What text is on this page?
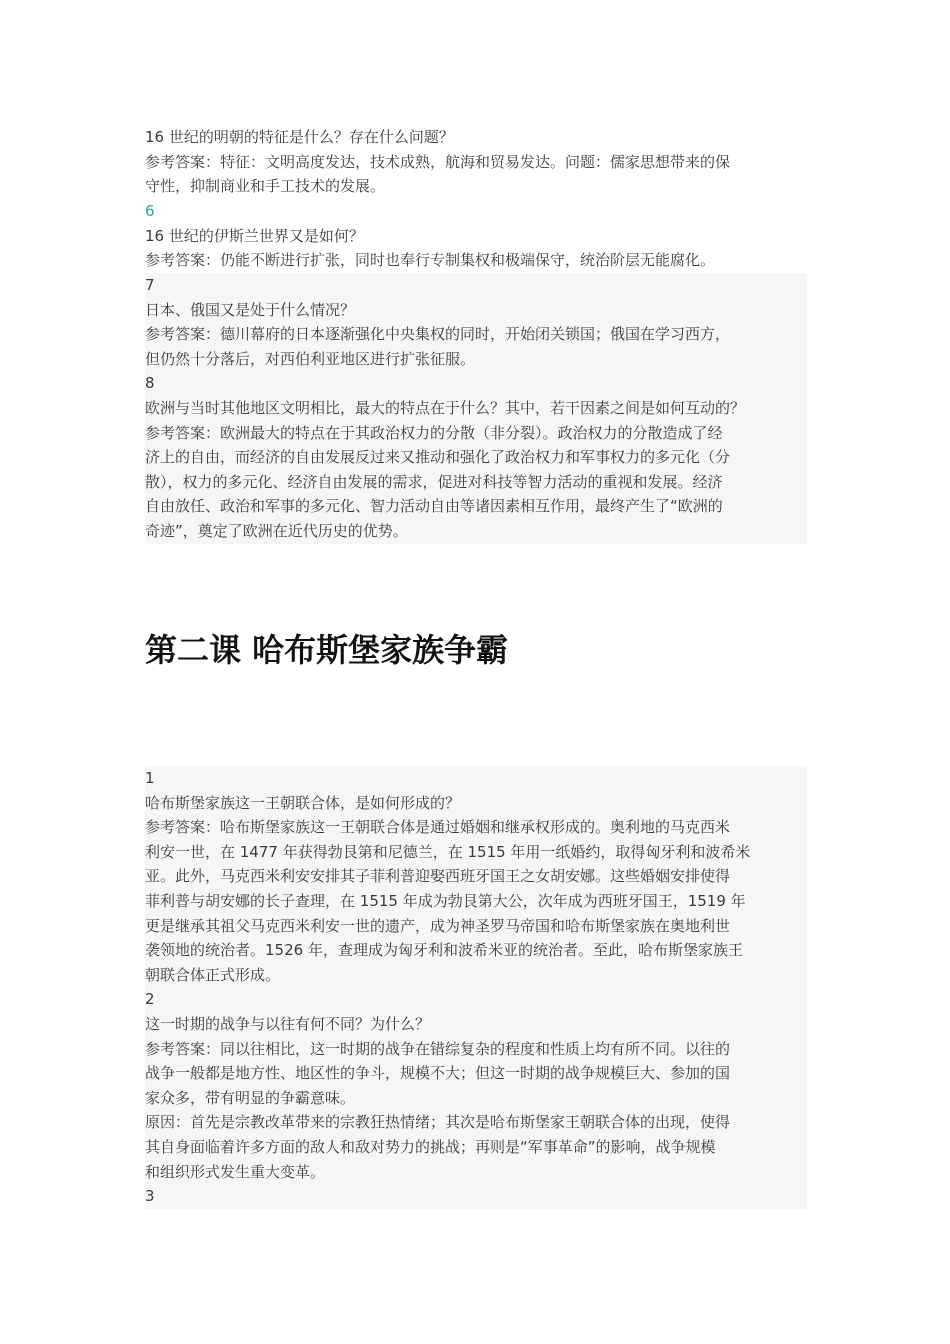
16 世纪的明朝的特征是什么？存在什么问题？
参考答案：特征：文明高度发达，技术成熟，航海和贸易发达。问题：儒家思想带来的保
守性，抑制商业和手工技术的发展。
6
16 世纪的伊斯兰世界又是如何？
参考答案：仍能不断进行扩张，同时也奉行专制集权和极端保守，统治阶层无能腐化。
7
日本、俄国又是处于什么情况？
参考答案：德川幕府的日本逐渐强化中央集权的同时，开始闭关锁国；俄国在学习西方，
但仍然十分落后，对西伯利亚地区进行扩张征服。
8
欧洲与当时其他地区文明相比，最大的特点在于什么？其中，若干因素之间是如何互动的？
参考答案：欧洲最大的特点在于其政治权力的分散（非分裂）。政治权力的分散造成了经
济上的自由，而经济的自由发展反过来又推动和强化了政治权力和军事权力的多元化（分
散），权力的多元化、经济自由发展的需求，促进对科技等智力活动的重视和发展。经济
自由放任、政治和军事的多元化、智力活动自由等诸因素相互作用，最终产生了“欧洲的
奇迹”，奠定了欧洲在近代历史的优势。
第二课 哈布斯堡家族争霸
1
哈布斯堡家族这一王朝联合体，是如何形成的？
参考答案：哈布斯堡家族这一王朝联合体是通过婚姻和继承权形成的。奥利地的马克西米
利安一世，在 1477 年获得勃艮第和尼德兰，在 1515 年用一纸婚约，取得匈牙利和波希米
亚。此外，马克西米利安安排其子菲利普迎娶西班牙国王之女胡安娜。这些婚姻安排使得
菲利普与胡安娜的长子查理，在 1515 年成为勃艮第大公，次年成为西班牙国王，1519 年
更是继承其祖父马克西米利安一世的遗产，成为神圣罗马帝国和哈布斯堡家族在奥地利世
袭领地的统治者。1526 年，查理成为匈牙利和波希米亚的统治者。至此，哈布斯堡家族王
朝联合体正式形成。
2
这一时期的战争与以往有何不同？为什么？
参考答案：同以往相比，这一时期的战争在错综复杂的程度和性质上均有所不同。以往的
战争一般都是地方性、地区性的争斗，规模不大；但这一时期的战争规模巨大、参加的国
家众多，带有明显的争霸意味。
原因：首先是宗教改革带来的宗教狂热情绪；其次是哈布斯堡家王朝联合体的出现，使得
其自身面临着许多方面的敌人和敌对势力的挑战；再则是“军事革命”的影响，战争规模
和组织形式发生重大变革。
3
